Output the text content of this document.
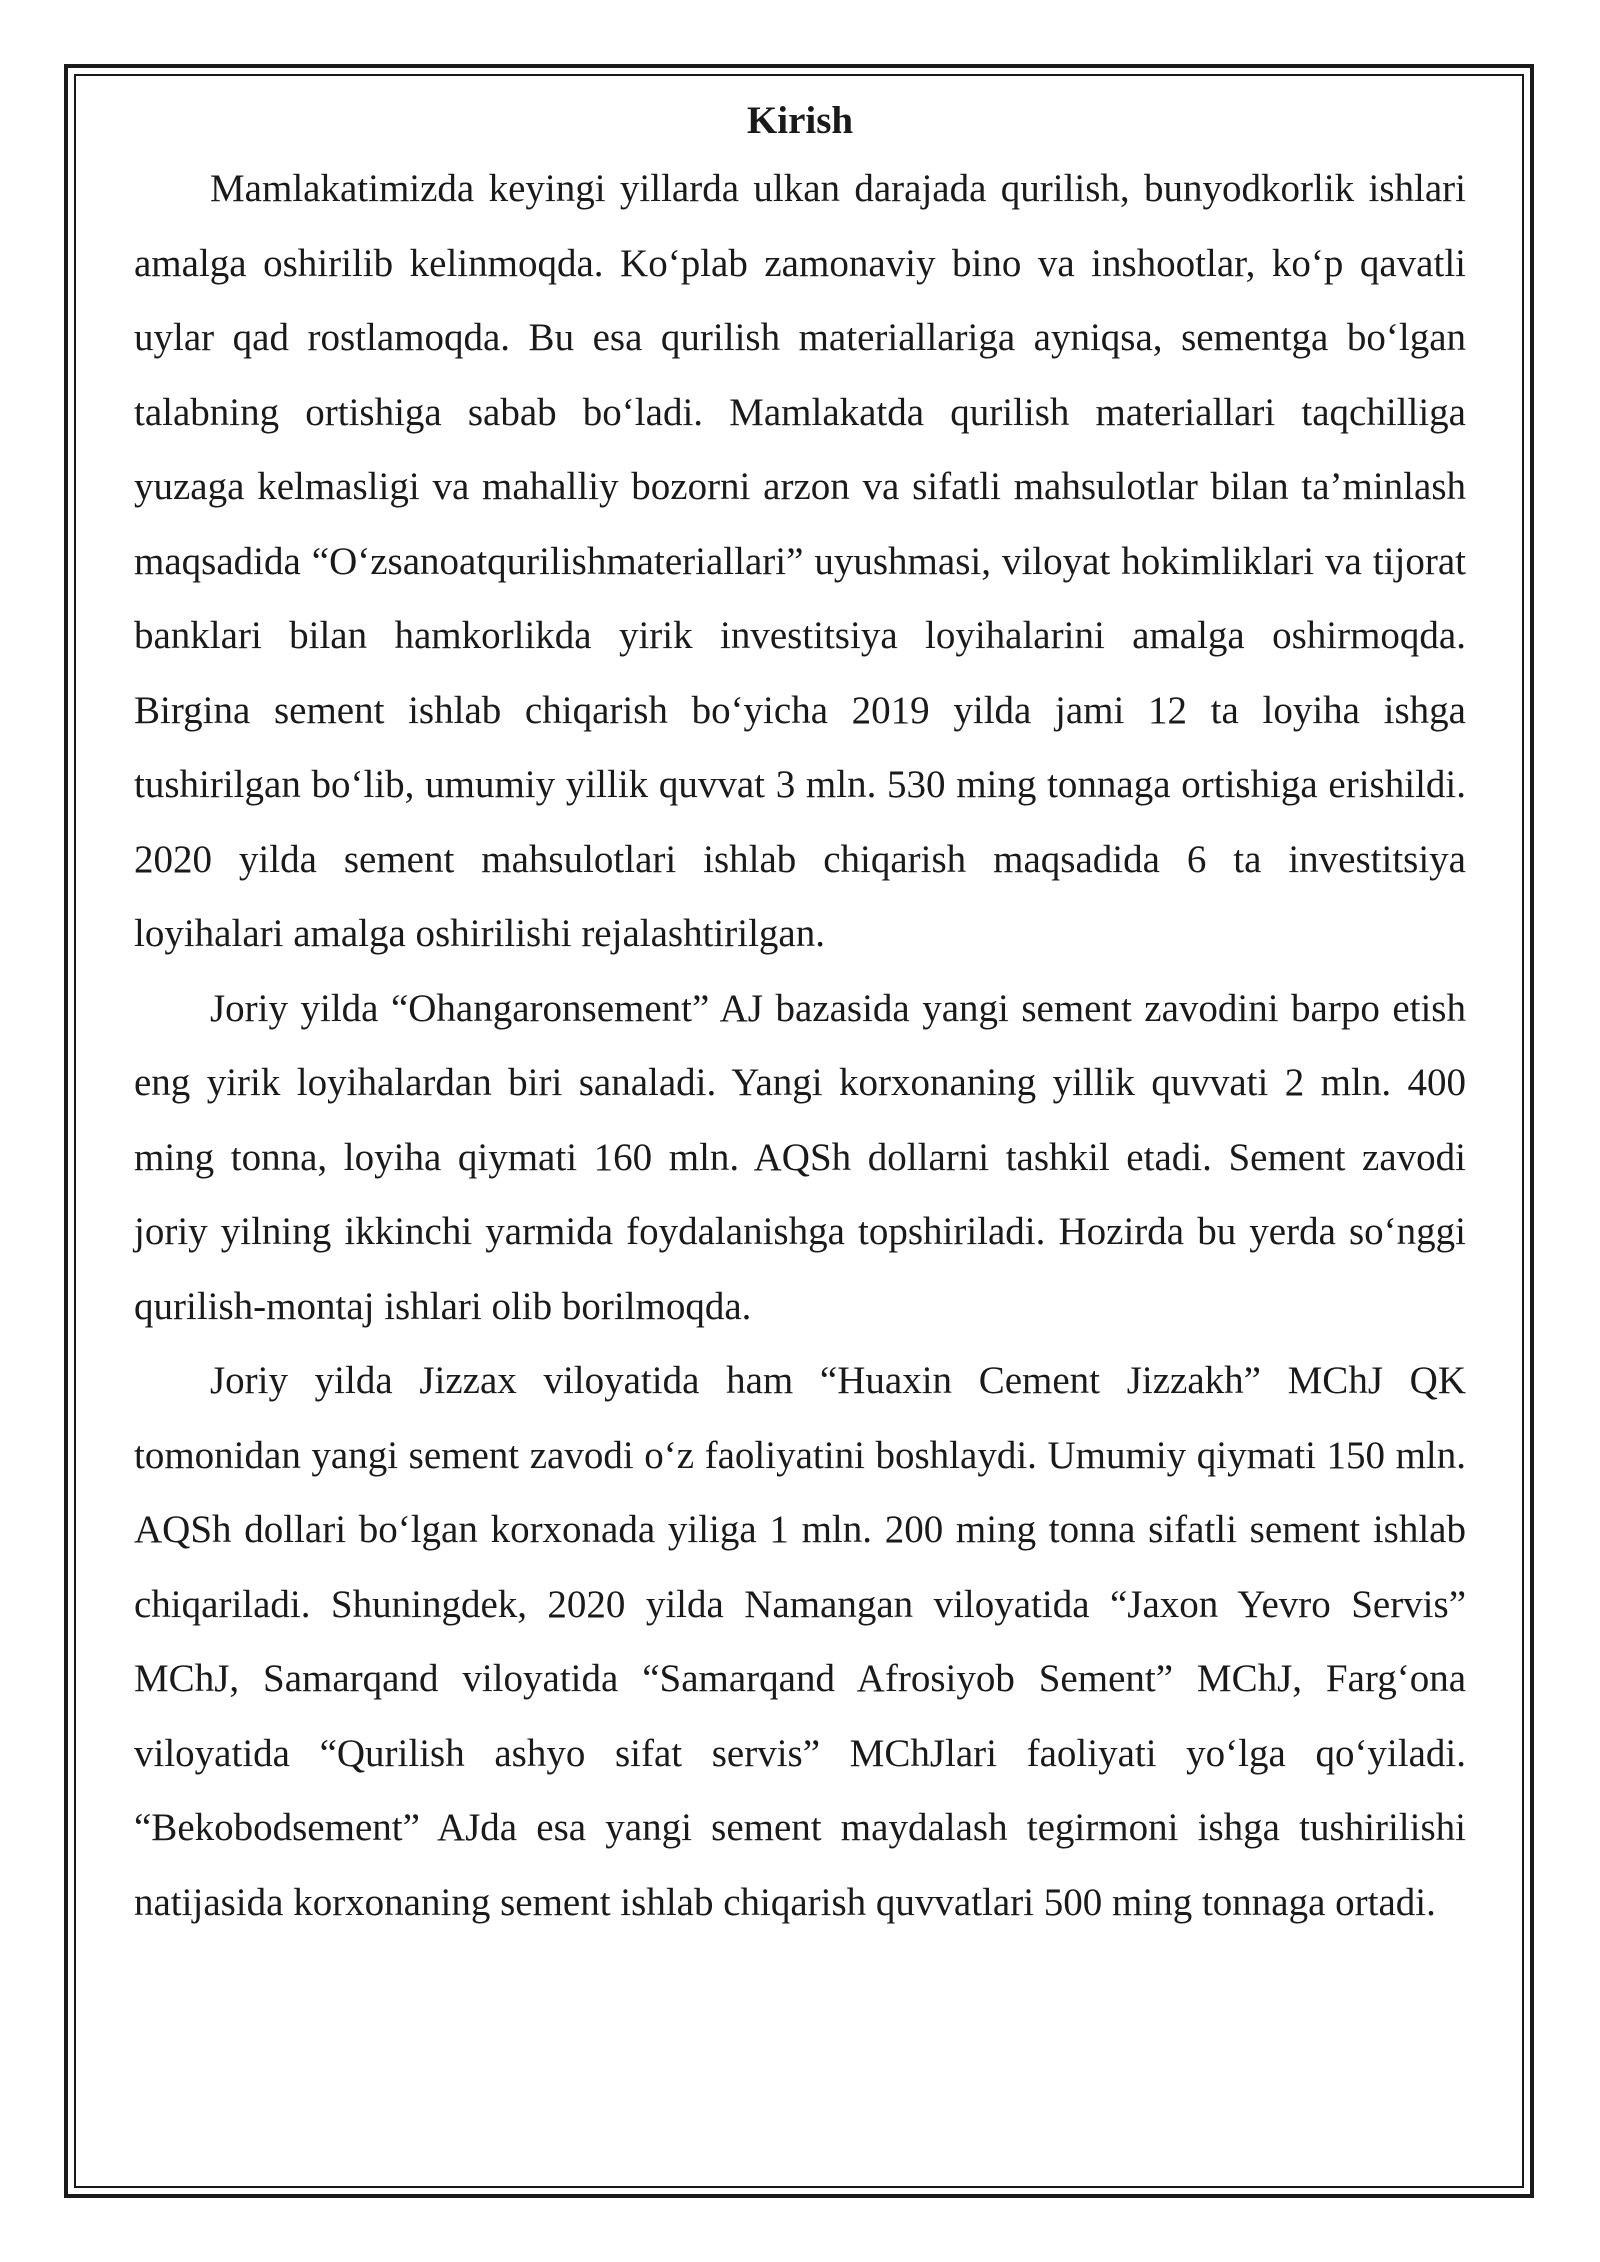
Kirish

Mamlakatimizda keyingi yillarda ulkan darajada qurilish, bunyodkorlik ishlari amalga oshirilib kelinmoqda. Ko‘plab zamonaviy bino va inshootlar, ko‘p qavatli uylar qad rostlamoqda. Bu esa qurilish materiallariga ayniqsa, sementga bo‘lgan talabning ortishiga sabab bo‘ladi. Mamlakatda qurilish materiallari taqchilliga yuzaga kelmasligi va mahalliy bozorni arzon va sifatli mahsulotlar bilan ta’minlash maqsadida “O‘zsanoatqurilishmateriallari” uyushmasi, viloyat hokimliklari va tijorat banklari bilan hamkorlikda yirik investitsiya loyihalarini amalga oshirmoqda. Birgina sement ishlab chiqarish bo‘yicha 2019 yilda jami 12 ta loyiha ishga tushirilgan bo‘lib, umumiy yillik quvvat 3 mln. 530 ming tonnaga ortishiga erishildi. 2020 yilda sement mahsulotlari ishlab chiqarish maqsadida 6 ta investitsiya loyihalari amalga oshirilishi rejalashtirilgan.

Joriy yilda “Ohangaronsement” AJ bazasida yangi sement zavodini barpo etish eng yirik loyihalardan biri sanaladi. Yangi korxonaning yillik quvvati 2 mln. 400 ming tonna, loyiha qiymati 160 mln. AQSh dollarni tashkil etadi. Sement zavodi joriy yilning ikkinchi yarmida foydalanishga topshiriladi. Hozirda bu yerda so‘nggi qurilish-montaj ishlari olib borilmoqda.

Joriy yilda Jizzax viloyatida ham “Huaxin Cement Jizzakh” MChJ QK tomonidan yangi sement zavodi o‘z faoliyatini boshlaydi. Umumiy qiymati 150 mln. AQSh dollari bo‘lgan korxonada yiliga 1 mln. 200 ming tonna sifatli sement ishlab chiqariladi. Shuningdek, 2020 yilda Namangan viloyatida “Jaxon Yevro Servis” MChJ, Samarqand viloyatida “Samarqand Afrosiyob Sement” MChJ, Farg‘ona viloyatida “Qurilish ashyo sifat servis” MChJlari faoliyati yo‘lga qo‘yiladi. “Bekobodsement” AJda esa yangi sement maydalash tegirmoni ishga tushirilishi natijasida korxonaning sement ishlab chiqarish quvvatlari 500 ming tonnaga ortadi.
